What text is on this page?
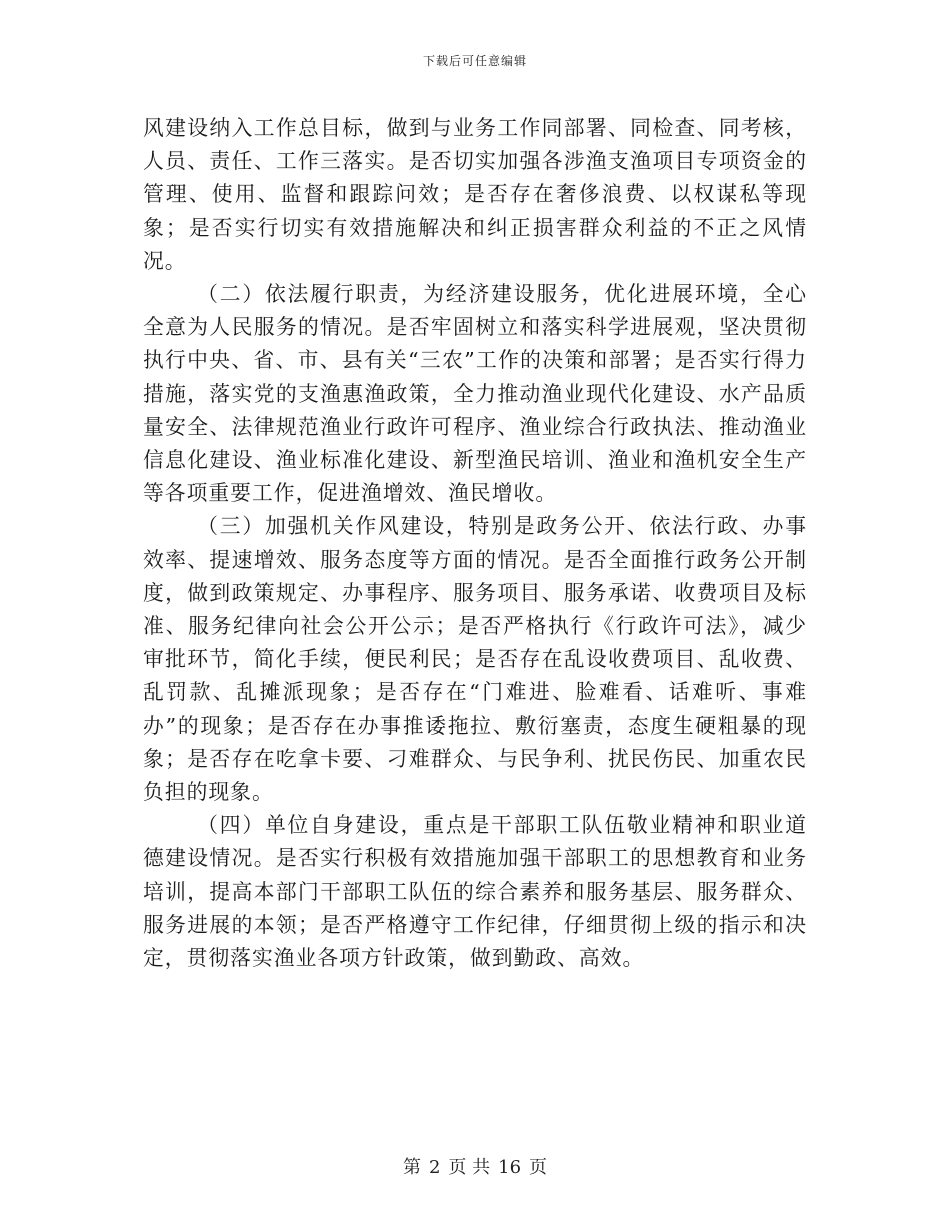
下载后可任意编辑

风建设纳入工作总目标，做到与业务工作同部署、同检查、同考核，人员、责任、工作三落实。是否切实加强各涉渔支渔项目专项资金的管理、使用、监督和跟踪问效；是否存在奢侈浪费、以权谋私等现象；是否实行切实有效措施解决和纠正损害群众利益的不正之风情况。

（二）依法履行职责，为经济建设服务，优化进展环境，全心全意为人民服务的情况。是否牢固树立和落实科学进展观，坚决贯彻执行中央、省、市、县有关“三农”工作的决策和部署；是否实行得力措施，落实党的支渔惠渔政策，全力推动渔业现代化建设、水产品质量安全、法律规范渔业行政许可程序、渔业综合行政执法、推动渔业信息化建设、渔业标准化建设、新型渔民培训、渔业和渔机安全生产等各项重要工作，促进渔增效、渔民增收。

（三）加强机关作风建设，特别是政务公开、依法行政、办事效率、提速增效、服务态度等方面的情况。是否全面推行政务公开制度，做到政策规定、办事程序、服务项目、服务承诺、收费项目及标准、服务纪律向社会公开公示；是否严格执行《行政许可法》，减少审批环节，简化手续，便民利民；是否存在乱设收费项目、乱收费、乱罚款、乱摊派现象；是否存在“门难进、脸难看、话难听、事难办”的现象；是否存在办事推诿拖拉、敷衍塞责，态度生硬粗暴的现象；是否存在吃拿卡要、刁难群众、与民争利、扰民伤民、加重农民负担的现象。

（四）单位自身建设，重点是干部职工队伍敬业精神和职业道德建设情况。是否实行积极有效措施加强干部职工的思想教育和业务培训，提高本部门干部职工队伍的综合素养和服务基层、服务群众、服务进展的本领；是否严格遵守工作纪律，仔细贯彻上级的指示和决定，贯彻落实渔业各项方针政策，做到勤政、高效。

第 2 页 共 16 页
